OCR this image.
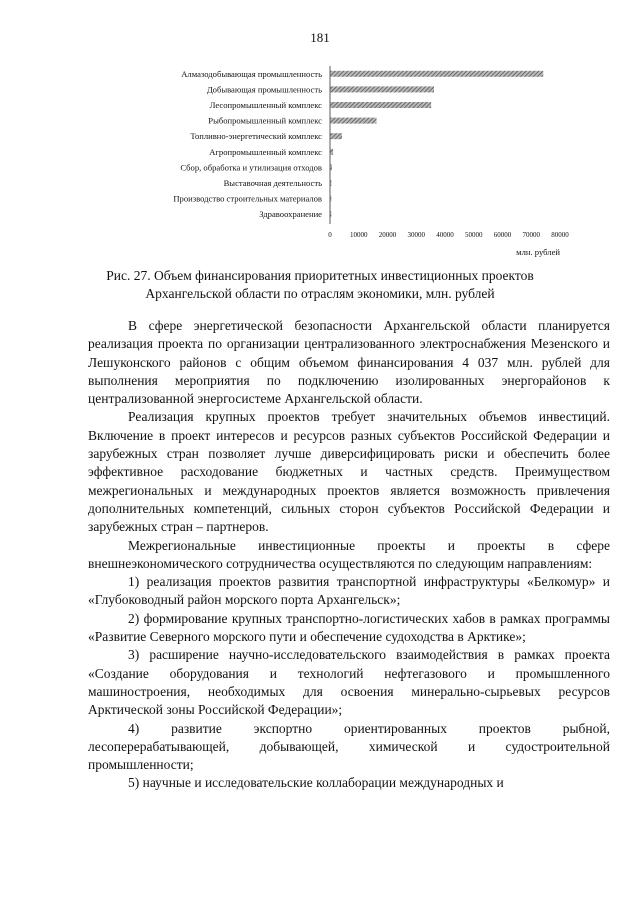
181
Алмазодобывающая промышленность
Добывающая промышленность
Лесопромышленный комплекс
Рыбопромышленный комплекс
Топливно-энергетический комплекс
Агропромышленный комплекс
Сбор, обработка и утилизация отходов
Выставочная деятельность
Производство строительных материалов
Здравоохранение
0	10000 20000 30000 40000 50000 60000 70000 80000
млн. рублей
Рис. 27. Объем финансирования приоритетных инвестиционных проектов
Архангельской области по отраслям экономики, млн. рублей

В сфере энергетической безопасности Архангельской области планируется реализация проекта по организации централизованного электроснабжения Мезенского и Лешуконского районов с общим объемом финансирования 4 037 млн. рублей для выполнения мероприятия по подключению изолированных энергорайонов к централизованной энергосистеме Архангельской области.

Реализация крупных проектов требует значительных объемов инвестиций. Включение в проект интересов и ресурсов разных субъектов Российской Федерации и зарубежных стран позволяет лучше диверсифицировать риски и обеспечить более эффективное расходование бюджетных и частных средств. Преимуществом межрегиональных и международных проектов является возможность привлечения дополнительных компетенций, сильных сторон субъектов Российской Федерации и зарубежных стран – партнеров.

Межрегиональные инвестиционные проекты и проекты в сфере внешнеэкономического сотрудничества осуществляются по следующим направлениям:

1) реализация проектов развития транспортной инфраструктуры «Белкомур» и «Глубоководный район морского порта Архангельск»;

2) формирование крупных транспортно-логистических хабов в рамках программы «Развитие Северного морского пути и обеспечение судоходства в Арктике»;

3) расширение научно-исследовательского взаимодействия в рамках проекта «Создание оборудования и технологий нефтегазового и промышленного машиностроения, необходимых для освоения минерально-сырьевых ресурсов Арктической зоны Российской Федерации»;

4) развитие экспортно ориентированных проектов рыбной, лесоперерабатывающей, добывающей, химической и судостроительной промышленности;

5) научные и исследовательские коллаборации международных и
